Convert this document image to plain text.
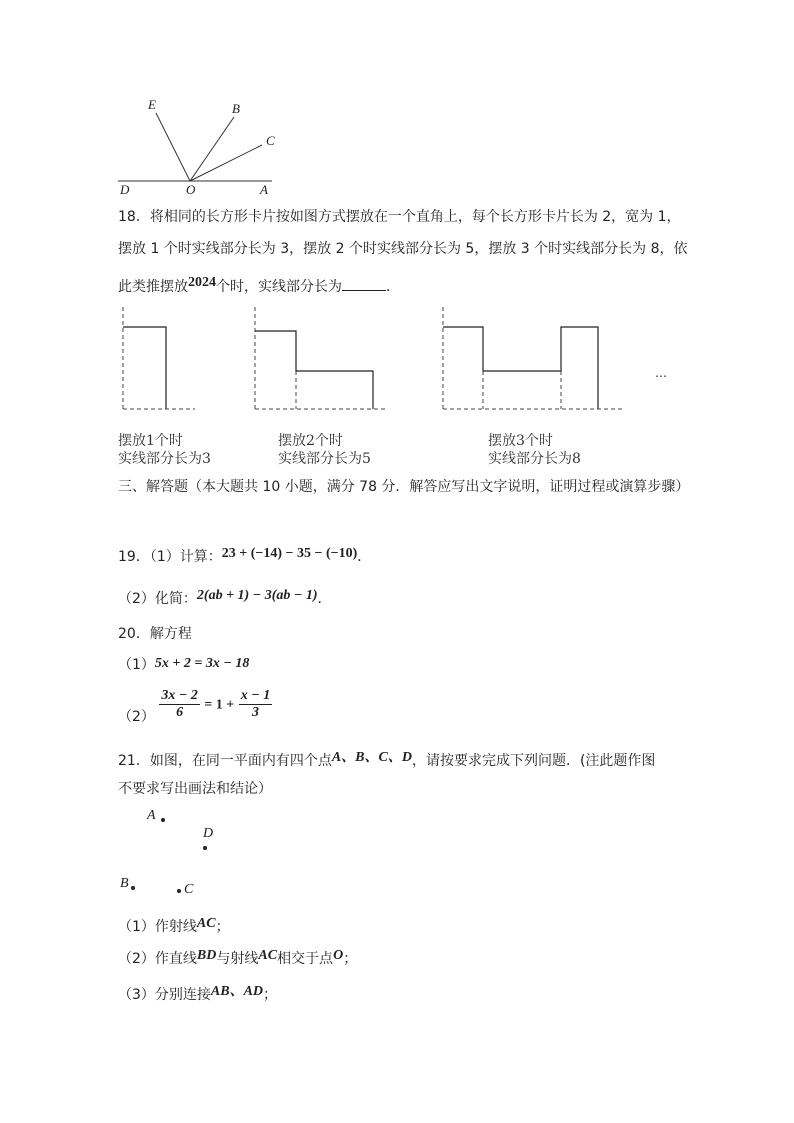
E	B
C
D	O	A
18．将相同的长方形卡片按如图方式摆放在一个直角上，每个长方形卡片长为 2，宽为 1，
摆放 1 个时实线部分长为 3，摆放 2 个时实线部分长为 5，摆放 3 个时实线部分长为 8，依
此类推摆放2024个时，实线部分长为	．
…
摆放1个时
实线部分长为3
摆放2个时
实线部分长为5
摆放3个时
实线部分长为8
三、解答题（本大题共 10 小题，满分 78 分．解答应写出文字说明，证明过程或演算步骤）
19．（1）计算：23 + (−14) − 35 − (−10)．
（2）化简：2(ab + 1) − 3(ab − 1)．
20．解方程
（1）5x + 2 = 3x − 18
$(2) \frac{3x - 2}{6} = 1 + \frac{x - 1}{3}$
21．如图，在同一平面内有四个点A、B、C、D，请按要求完成下列问题．(注此题作图
不要求写出画法和结论）
A
D
B	C
（1）作射线AC；
（2）作直线BD与射线AC相交于点O；
（3）分别连接AB、AD；
